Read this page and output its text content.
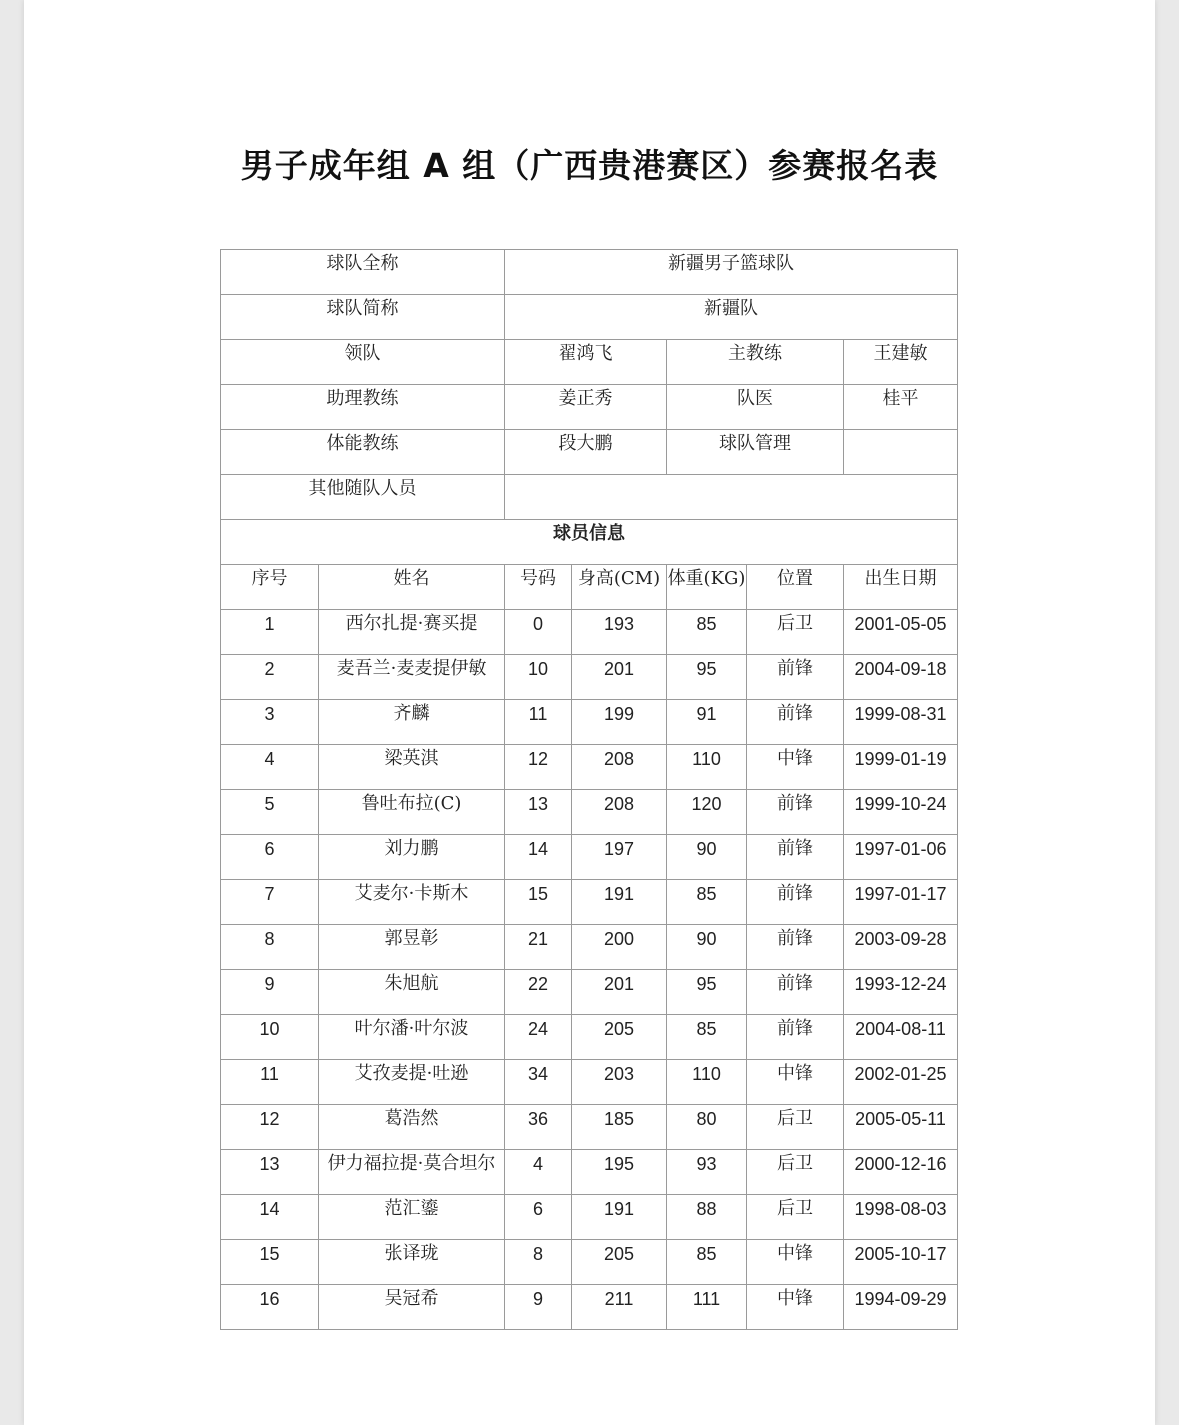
男子成年组 A 组（广西贵港赛区）参赛报名表
球队全称		新疆男子篮球队				
球队简称		新疆队				
领队		翟鸿飞		主教练		王建敏
助理教练		姜正秀		队医		桂平
体能教练		段大鹏		球队管理		
其他随队人员						
球员信息						
序号	姓名	号码	身高(CM)	体重(KG)	位置	出生日期
1	西尔扎提·赛买提	0	193	85	后卫	2001-05-05
2	麦吾兰·麦麦提伊敏	10	201	95	前锋	2004-09-18
3	齐麟	11	199	91	前锋	1999-08-31
4	梁英淇	12	208	110	中锋	1999-01-19
5	鲁吐布拉(C)	13	208	120	前锋	1999-10-24
6	刘力鹏	14	197	90	前锋	1997-01-06
7	艾麦尔·卡斯木	15	191	85	前锋	1997-01-17
8	郭昱彰	21	200	90	前锋	2003-09-28
9	朱旭航	22	201	95	前锋	1993-12-24
10	叶尔潘·叶尔波	24	205	85	前锋	2004-08-11
11	艾孜麦提·吐逊	34	203	110	中锋	2002-01-25
12	葛浩然	36	185	80	后卫	2005-05-11
13	伊力福拉提·莫合坦尔	4	195	93	后卫	2000-12-16
14	范汇鎏	6	191	88	后卫	1998-08-03
15	张译珑	8	205	85	中锋	2005-10-17
16	吴冠希	9	211	111	中锋	1994-09-29
